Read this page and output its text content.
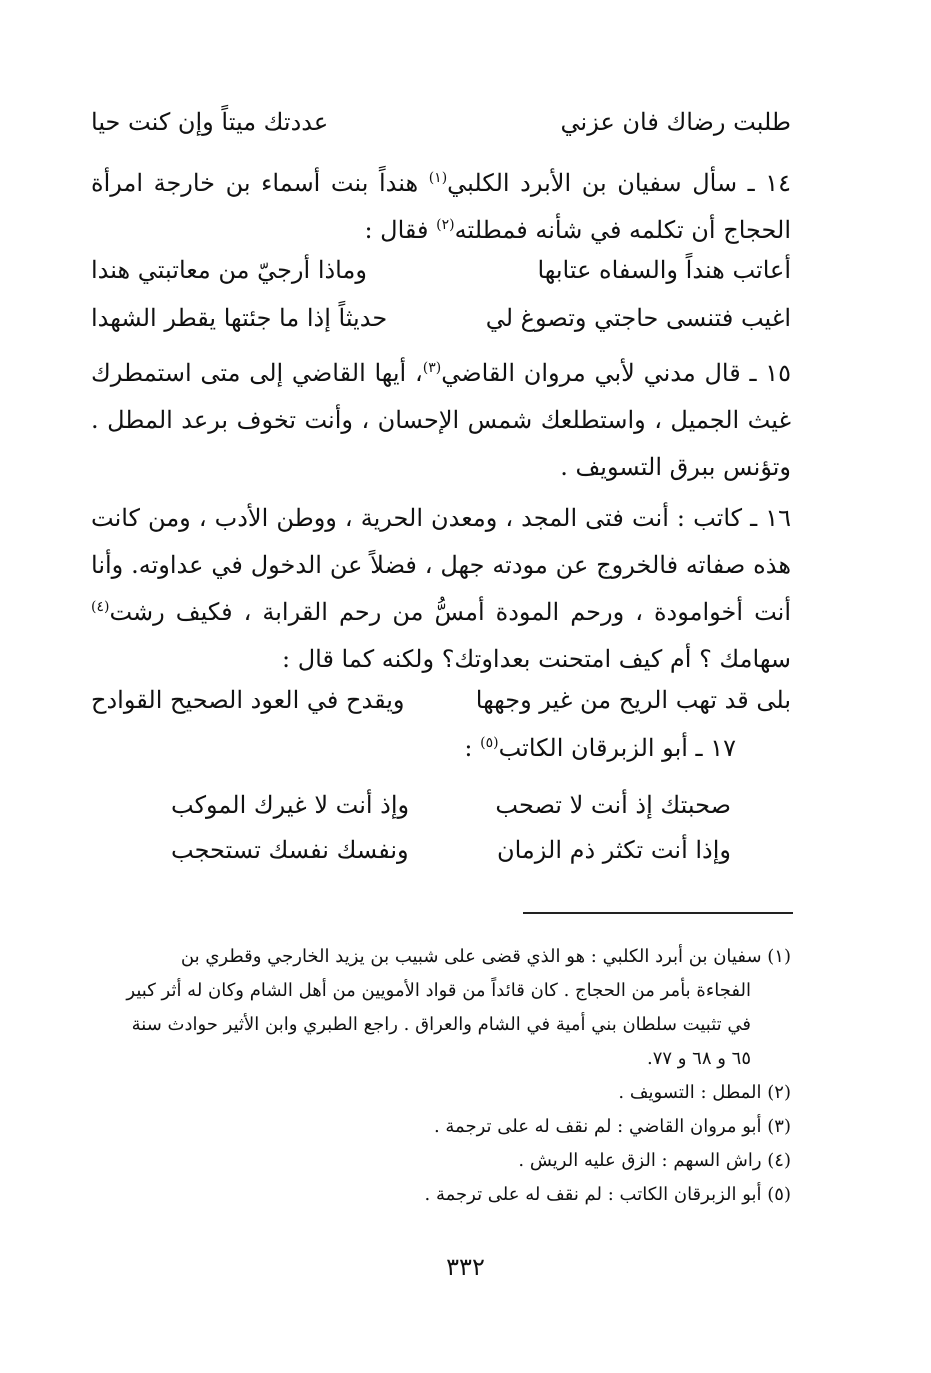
طلبت رضاك فان عزني
عددتك ميتاً وإن كنت حيا
١٤ ـ سأل سفيان بن الأبرد الكلبي$^{(١)}$ هنداً بنت أسماء بن خارجة امرأة الحجاج أن تكلمه في شأنه فمطلته$^{(٢)}$ فقال :
أعاتب هنداً والسفاه عتابها
وماذا أرجيّ من معاتبتي هندا
اغيب فتنسى حاجتي وتصوغ لي
حديثاً إذا ما جئتها يقطر الشهدا
١٥ ـ قال مدني لأبي مروان القاضي$^{(٣)}$، أيها القاضي إلى متى استمطرك غيث الجميل ، واستطلعك شمس الإحسان ، وأنت تخوف برعد المطل . وتؤنس ببرق التسويف .
١٦ ـ كاتب : أنت فتى المجد ، ومعدن الحرية ، ووطن الأدب ، ومن كانت هذه صفاته فالخروج عن مودته جهل ، فضلاً عن الدخول في عداوته. وأنا أنت أخوامودة ، ورحم المودة أمسُّ من رحم القرابة ، فكيف رشت$^{(٤)}$ سهامك ؟ أم كيف امتحنت بعداوتك؟ ولكنه كما قال :
بلى قد تهب الريح من غير وجهها
ويقدح في العود الصحيح القوادح
١٧ ـ أبو الزبرقان الكاتب$^{(٥)}$ :
صحبتك إذ أنت لا تصحب
وإذ أنت لا غيرك الموكب
وإذا أنت تكثر ذم الزمان
ونفسك نفسك تستحجب
(١) سفيان بن أبرد الكلبي : هو الذي قضى على شبيب بن يزيد الخارجي وقطري بن
الفجاءة بأمر من الحجاج . كان قائداً من قواد الأمويين من أهل الشام وكان له أثر كبير
في تثبيت سلطان بني أمية في الشام والعراق . راجع الطبري وابن الأثير حوادث سنة
٦٥ و ٦٨ و ٧٧.
(٢) المطل : التسويف .
(٣) أبو مروان القاضي : لم نقف له على ترجمة .
(٤) راش السهم : الزق عليه الريش .
(٥) أبو الزبرقان الكاتب : لم نقف له على ترجمة .
٣٣٢
